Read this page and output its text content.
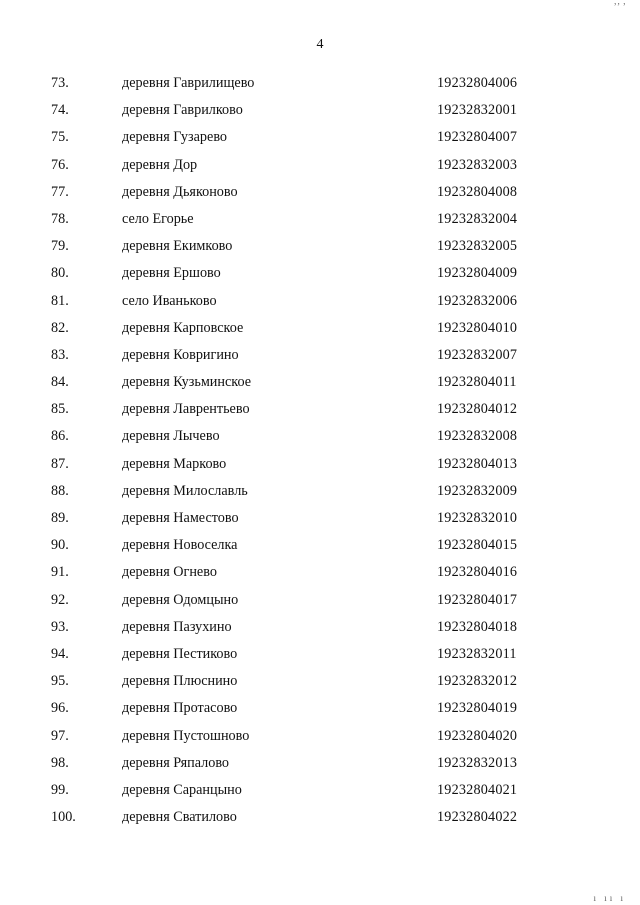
‚‚ ‚
4
73.	деревня Гаврилищево	19232804006
74.	деревня Гаврилково	19232832001
75.	деревня Гузарево	19232804007
76.	деревня Дор	19232832003
77.	деревня Дьяконово	19232804008
78.	село Егорье	19232832004
79.	деревня Екимково	19232832005
80.	деревня Ершово	19232804009
81.	село Иваньково	19232832006
82.	деревня Карповское	19232804010
83.	деревня Ковригино	19232832007
84.	деревня Кузьминское	19232804011
85.	деревня Лаврентьево	19232804012
86.	деревня Лычево	19232832008
87.	деревня Марково	19232804013
88.	деревня Милославль	19232832009
89.	деревня Наместово	19232832010
90.	деревня Новоселка	19232804015
91.	деревня Огнево	19232804016
92.	деревня Одомцыно	19232804017
93.	деревня Пазухино	19232804018
94.	деревня Пестиково	19232832011
95.	деревня Плюснино	19232832012
96.	деревня Протасово	19232804019
97.	деревня Пустошново	19232804020
98.	деревня Ряпалово	19232832013
99.	деревня Саранцыно	19232804021
100.	деревня Сватилово	19232804022
ı ıı ı
